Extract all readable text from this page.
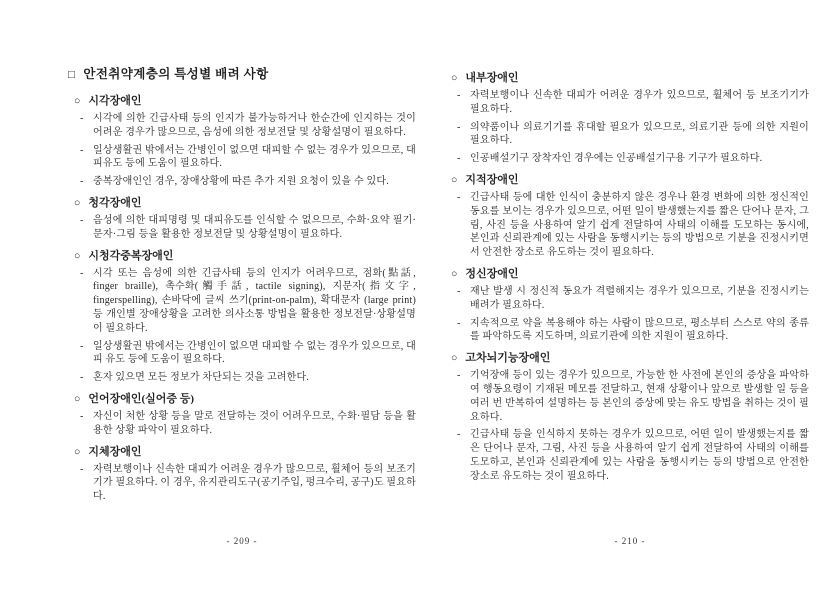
□ 안전취약계층의 특성별 배려 사항
○ 시각장애인
- 시각에 의한 긴급사태 등의 인지가 불가능하거나 한순간에 인지하는 것이 어려운 경우가 많으므로, 음성에 의한 정보전달 및 상황설명이 필요하다.
- 일상생활권 밖에서는 간병인이 없으면 대피할 수 없는 경우가 있으므로, 대피유도 등에 도움이 필요하다.
- 중복장애인인 경우, 장애상황에 따른 추가 지원 요청이 있을 수 있다.
○ 청각장애인
- 음성에 의한 대피명령 및 대피유도를 인식할 수 없으므로, 수화·요약 필기·문자·그림 등을 활용한 정보전달 및 상황설명이 필요하다.
○ 시청각중복장애인
- 시각 또는 음성에 의한 긴급사태 등의 인지가 어려우므로, 점화(點話, finger braille), 촉수화(觸手話, tactile signing), 지문자(指文字, fingerspelling), 손바닥에 글씨 쓰기(print-on-palm), 확대문자 (large print) 등 개인별 장애상황을 고려한 의사소통 방법을 활용한 정보전달·상황설명이 필요하다.
- 일상생활권 밖에서는 간병인이 없으면 대피할 수 없는 경우가 있으므로, 대피 유도 등에 도움이 필요하다.
- 혼자 있으면 모든 정보가 차단되는 것을 고려한다.
○ 언어장애인(실어증 등)
- 자신이 처한 상황 등을 말로 전달하는 것이 어려우므로, 수화·필담 등을 활용한 상황 파악이 필요하다.
○ 지체장애인
- 자력보행이나 신속한 대피가 어려운 경우가 많으므로, 휠체어 등의 보조기기가 필요하다. 이 경우, 유지관리도구(공기주입, 펑크수리, 공구)도 필요하다.
- 209 -
○ 내부장애인
- 자력보행이나 신속한 대피가 어려운 경우가 있으므로, 휠체어 등 보조기기가 필요하다.
- 의약품이나 의료기기를 휴대할 필요가 있으므로, 의료기관 등에 의한 지원이 필요하다.
- 인공배설기구 장착자인 경우에는 인공배설기구용 기구가 필요하다.
○ 지적장애인
- 긴급사태 등에 대한 인식이 충분하지 않은 경우나 환경 변화에 의한 정신적인 동요를 보이는 경우가 있으므로, 어떤 일이 발생했는지를 짧은 단어나 문자, 그림, 사진 등을 사용하여 알기 쉽게 전달하여 사태의 이해를 도모하는 동시에, 본인과 신뢰관계에 있는 사람을 동행시키는 등의 방법으로 기분을 진정시키면서 안전한 장소로 유도하는 것이 필요하다.
○ 정신장애인
- 재난 발생 시 정신적 동요가 격렬해지는 경우가 있으므로, 기분을 진정시키는 배려가 필요하다.
- 지속적으로 약을 복용해야 하는 사람이 많으므로, 평소부터 스스로 약의 종류를 파악하도록 지도하며, 의료기관에 의한 지원이 필요하다.
○ 고차뇌기능장애인
- 기억장애 등이 있는 경우가 있으므로, 가능한 한 사전에 본인의 증상을 파악하여 행동요령이 기재된 메모를 전달하고, 현재 상황이나 앞으로 발생할 일 등을 여러 번 반복하여 설명하는 등 본인의 증상에 맞는 유도 방법을 취하는 것이 필요하다.
- 긴급사태 등을 인식하지 못하는 경우가 있으므로, 어떤 일이 발생했는지를 짧은 단어나 문자, 그림, 사진 등을 사용하여 알기 쉽게 전달하여 사태의 이해를 도모하고, 본인과 신뢰관계에 있는 사람을 동행시키는 등의 방법으로 안전한 장소로 유도하는 것이 필요하다.
- 210 -
